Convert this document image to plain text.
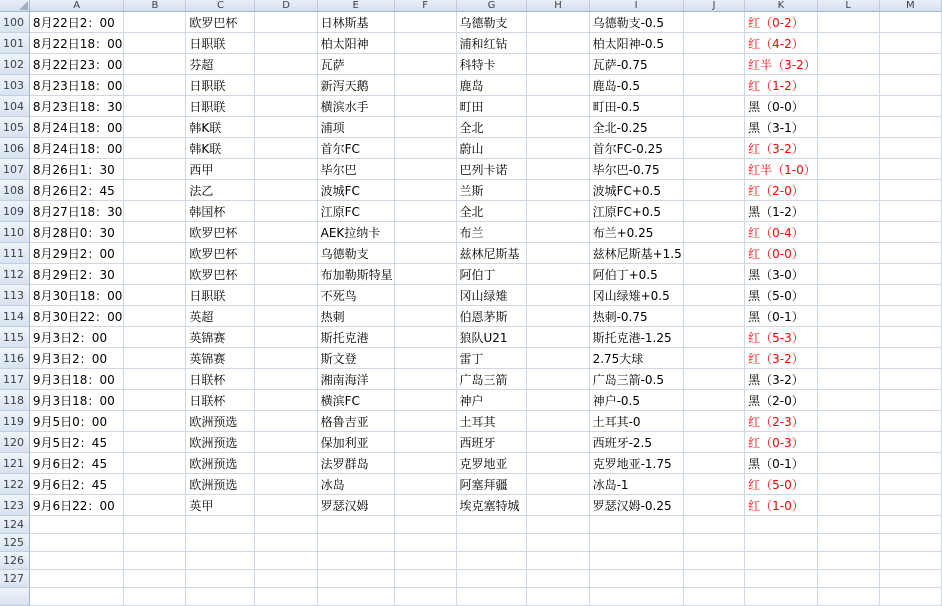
	A	B	C	D	E	F	G	H	I	J	K	L	M
100	8月22日2：00		欧罗巴杯		日林斯基		乌德勒支		乌德勒支-0.5		红（0-2）		
101	8月22日18：00		日职联		柏太阳神		浦和红钻		柏太阳神-0.5		红（4-2）		
102	8月22日23：00		芬超		瓦萨		科特卡		瓦萨-0.75		红半（3-2）		
103	8月23日18：00		日职联		新泻天鹅		鹿岛		鹿岛-0.5		红（1-2）		
104	8月23日18：30		日职联		横滨水手		町田		町田-0.5		黑（0-0）		
105	8月24日18：00		韩K联		浦项		全北		全北-0.25		黑（3-1）		
106	8月24日18：00		韩K联		首尔FC		蔚山		首尔FC-0.25		红（3-2）		
107	8月26日1：30		西甲		毕尔巴		巴列卡诺		毕尔巴-0.75		红半（1-0）		
108	8月26日2：45		法乙		波城FC		兰斯		波城FC+0.5		红（2-0）		
109	8月27日18：30		韩国杯		江原FC		全北		江原FC+0.5		黑（1-2）		
110	8月28日0：30		欧罗巴杯		AEK拉纳卡		布兰		布兰+0.25		红（0-4）		
111	8月29日2：00		欧罗巴杯		乌德勒支		兹林尼斯基		兹林尼斯基+1.5		红（0-0）		
112	8月29日2：30		欧罗巴杯		布加勒斯特星		阿伯丁		阿伯丁+0.5		黑（3-0）		
113	8月30日18：00		日职联		不死鸟		冈山绿雉		冈山绿雉+0.5		黑（5-0）		
114	8月30日22：00		英超		热刺		伯恩茅斯		热刺-0.75		黑（0-1）		
115	9月3日2：00		英锦赛		斯托克港		狼队U21		斯托克港-1.25		红（5-3）		
116	9月3日2：00		英锦赛		斯文登		雷丁		2.75大球		红（3-2）		
117	9月3日18：00		日联杯		湘南海洋		广岛三箭		广岛三箭-0.5		黑（3-2）		
118	9月3日18：00		日联杯		横滨FC		神户		神户-0.5		黑（2-0）		
119	9月5日0：00		欧洲预选		格鲁吉亚		土耳其		土耳其-0		红（2-3）		
120	9月5日2：45		欧洲预选		保加利亚		西班牙		西班牙-2.5		红（0-3）		
121	9月6日2：45		欧洲预选		法罗群岛		克罗地亚		克罗地亚-1.75		黑（0-1）		
122	9月6日2：45		欧洲预选		冰岛		阿塞拜疆		冰岛-1		红（5-0）		
123	9月6日22：00		英甲		罗瑟汉姆		埃克塞特城		罗瑟汉姆-0.25		红（1-0）		
124													
125													
126													
127													
